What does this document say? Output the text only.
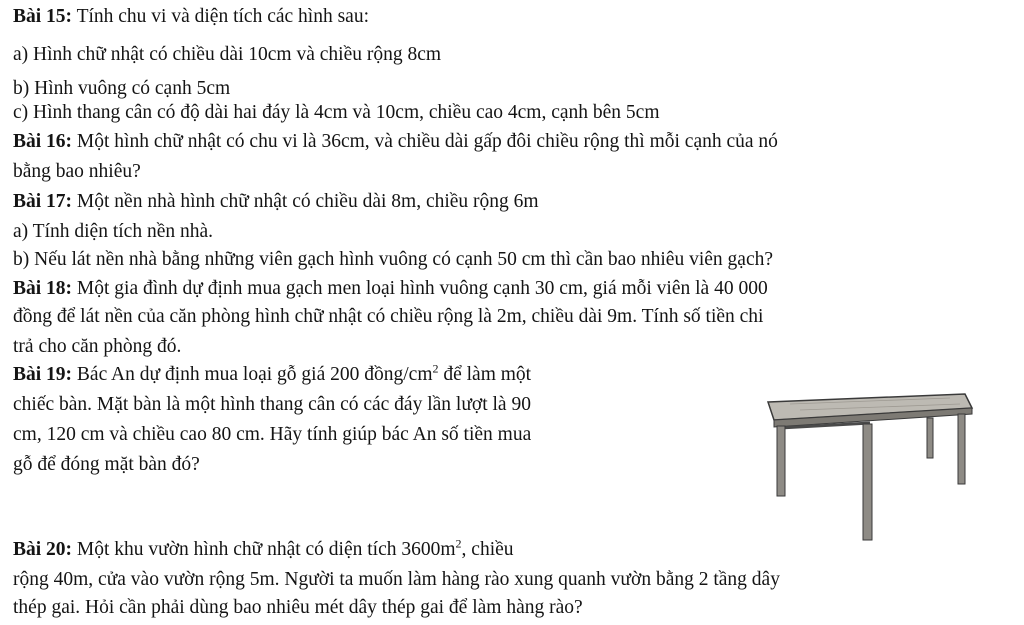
Bài 15: Tính chu vi và diện tích các hình sau:
a) Hình chữ nhật có chiều dài 10cm và chiều rộng 8cm
b) Hình vuông có cạnh 5cm
c) Hình thang cân có độ dài hai đáy là 4cm và 10cm, chiều cao 4cm, cạnh bên 5cm
Bài 16: Một hình chữ nhật có chu vi là 36cm, và chiều dài gấp đôi chiều rộng thì mỗi cạnh của nó
bằng bao nhiêu?
Bài 17: Một nền nhà hình chữ nhật có chiều dài 8m, chiều rộng 6m
a) Tính diện tích nền nhà.
b) Nếu lát nền nhà bằng những viên gạch hình vuông có cạnh 50 cm thì cần bao nhiêu viên gạch?
Bài 18: Một gia đình dự định mua gạch men loại hình vuông cạnh 30 cm, giá mỗi viên là 40 000
đồng để lát nền của căn phòng hình chữ nhật có chiều rộng là 2m, chiều dài 9m. Tính số tiền chi
trả cho căn phòng đó.
Bài 19: Bác An dự định mua loại gỗ giá 200 đồng/$cm^2$ để làm một
chiếc bàn. Mặt bàn là một hình thang cân có các đáy lần lượt là 90
cm, 120 cm và chiều cao 80 cm. Hãy tính giúp bác An số tiền mua
gỗ để đóng mặt bàn đó?
Bài 20: Một khu vườn hình chữ nhật có diện tích $3600m^2$, chiều
rộng 40m, cửa vào vườn rộng 5m. Người ta muốn làm hàng rào xung quanh vườn bằng 2 tầng dây
thép gai. Hỏi cần phải dùng bao nhiêu mét dây thép gai để làm hàng rào?
